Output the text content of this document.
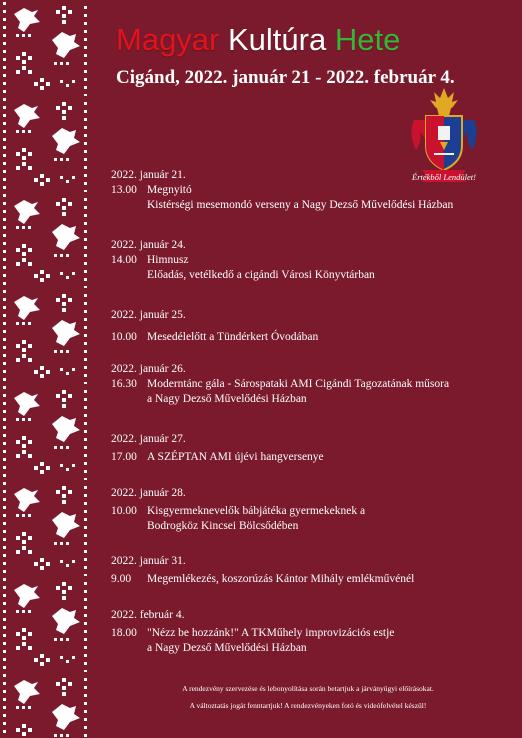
Magyar Kultúra Hete
Cigánd, 2022. január 21 - 2022. február 4.
Értékből Lendület!
2022. január 21.
13.00 Megnyitó
Kistérségi mesemondó verseny a Nagy Dezső Művelődési Házban
2022. január 24.
14.00 Himnusz
Előadás, vetélkedő a cigándi Városi Könyvtárban
2022. január 25.
10.00 Mesedélelőtt a Tündérkert Óvodában
2022. január 26.
16.30 Moderntánc gála - Sárospataki AMI Cigándi Tagozatának műsora
a Nagy Dezső Művelődési Házban
2022. január 27.
17.00 A SZÉPTAN AMI újévi hangversenye
2022. január 28.
10.00 Kisgyermeknevelők bábjátéka gyermekeknek a
Bodrogköz Kincsei Bölcsődében
2022. január 31.
9.00	Megemlékezés, koszorúzás Kántor Mihály emlékművénél
2022. február 4.
18.00 "Nézz be hozzánk!" A TKMűhely improvizációs estje
a Nagy Dezső Művelődési Házban
A rendezvény szervezése és lebonyolítása során betartjuk a járványügyi előírásokat.
A változtatás jogát fenntartjuk! A rendezvényeken fotó és videófelvétel készül!
